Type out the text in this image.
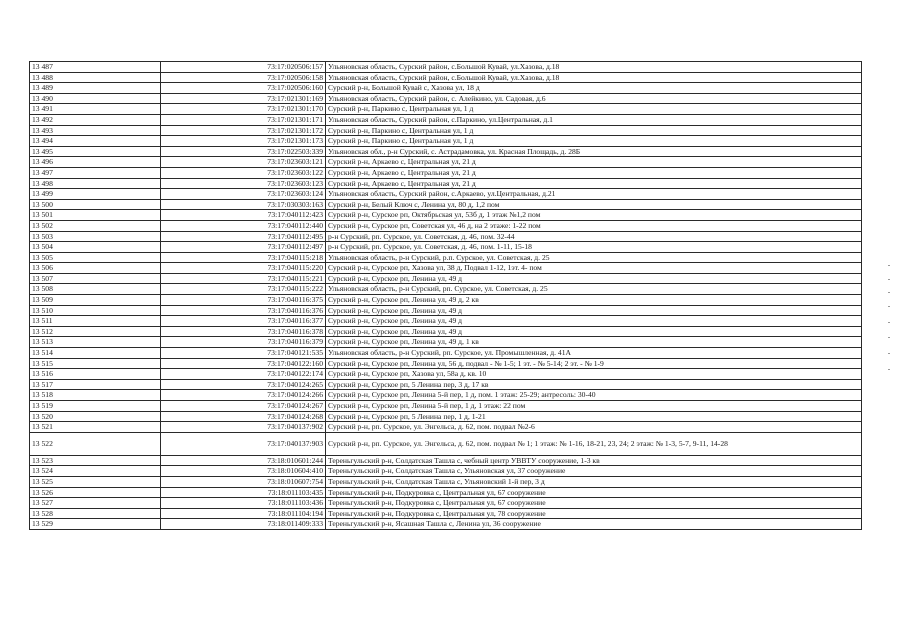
13 487	73:17:020506:157	Ульяновская область, Сурский район, с.Большой Кувай, ул.Хазова, д.18
13 488	73:17:020506:158	Ульяновская область, Сурский район, с.Большой Кувай, ул.Хазова, д.18
13 489	73:17:020506:160	Сурский р-н, Большой Кувай с, Хазова ул, 18 д
13 490	73:17:021301:169	Ульяновская область, Сурский район, с. Алейкино, ул. Садовая, д.6
13 491	73:17:021301:170	Сурский р-н, Паркино с, Центральная ул, 1 д
13 492	73:17:021301:171	Ульяновская область, Сурский район, с.Паркино, ул.Центральная, д.1
13 493	73:17:021301:172	Сурский р-н, Паркино с, Центральная ул, 1 д
13 494	73:17:021301:173	Сурский р-н, Паркино с, Центральная ул, 1 д
13 495	73:17:022503:339	Ульяновская обл., р-н Сурский, с. Астрадамовка, ул. Красная Площадь, д. 28Б
13 496	73:17:023603:121	Сурский р-н, Аркаево с, Центральная ул, 21 д
13 497	73:17:023603:122	Сурский р-н, Аркаево с, Центральная ул, 21 д
13 498	73:17:023603:123	Сурский р-н, Аркаево с, Центральная ул, 21 д
13 499	73:17:023603:124	Ульяновская область, Сурский район, с.Аркаево, ул.Центральная, д.21
13 500	73:17:030303:163	Сурский р-н, Белый Ключ с, Ленина ул, 80 д, 1,2 пом
13 501	73:17:040112:423	Сурский р-н, Сурское рп, Октябрьская ул, 53б д, 1 этаж №1,2 пом
13 502	73:17:040112:440	Сурский р-н, Сурское рп, Советская ул, 46 д, на 2 этаже: 1-22 пом
13 503	73:17:040112:495	р-н Сурский, рп. Сурское, ул. Советская, д. 46, пом. 32-44
13 504	73:17:040112:497	р-н Сурский, рп. Сурское, ул. Советская, д. 46, пом. 1-11, 15-18
13 505	73:17:040115:218	Ульяновская область, р-н Сурский, р.п. Сурское, ул. Советская, д. 25
13 506	73:17:040115:220	Сурский р-н, Сурское рп, Хазова ул, 38 д, Подвал 1-12, 1эт. 4- пом
13 507	73:17:040115:221	Сурский р-н, Сурское рп, Ленина ул, 49 д
13 508	73:17:040115:222	Ульяновская область, р-н Сурский, рп. Сурское, ул. Советская, д. 25
13 509	73:17:040116:375	Сурский р-н, Сурское рп, Ленина ул, 49 д, 2 кв
13 510	73:17:040116:376	Сурский р-н, Сурское рп, Ленина ул, 49 д
13 511	73:17:040116:377	Сурский р-н, Сурское рп, Ленина ул, 49 д
13 512	73:17:040116:378	Сурский р-н, Сурское рп, Ленина ул, 49 д
13 513	73:17:040116:379	Сурский р-н, Сурское рп, Ленина ул, 49 д, 1 кв
13 514	73:17:040121:535	Ульяновская область, р-н Сурский, рп. Сурское, ул. Промышленная, д. 41А
13 515	73:17:040122:160	Сурский р-н, Сурское рп, Ленина ул, 56 д, подвал - № 1-5; 1 эт. - № 5-14; 2 эт. - № 1-9
13 516	73:17:040122:174	Сурский р-н, Сурское рп, Хазова ул, 58а д, кв. 10
13 517	73:17:040124:265	Сурский р-н, Сурское рп, 5 Ленина пер, 3 д, 17 кв
13 518	73:17:040124:266	Сурский р-н, Сурское рп, Ленина 5-й пер, 1 д, пом. 1 этаж: 25-29; антресоль: 30-40
13 519	73:17:040124:267	Сурский р-н, Сурское рп, Ленина 5-й пер, 1 д, 1 этаж: 22 пом
13 520	73:17:040124:268	Сурский р-н, Сурское рп, 5 Ленина пер, 1 д, 1-21
13 521	73:17:040137:902	Сурский р-н, рп. Сурское, ул. Энгельса, д. 62, пом. подвал №2-6
13 522	73:17:040137:903	Сурский р-н, рп. Сурское, ул. Энгельса, д. 62, пом. подвал № 1; 1 этаж: № 1-16, 18-21, 23, 24; 2 этаж: № 1-3, 5-7, 9-11, 14-28
13 523	73:18:010601:244	Тереньгульский р-н, Солдатская Ташла с, чебный центр УВВТУ сооружение, 1-3 кв
13 524	73:18:010604:410	Тереньгульский р-н, Солдатская Ташла с, Ульяновская ул, 37 сооружение
13 525	73:18:010607:754	Тереньгульский р-н, Солдатская Ташла с, Ульяновский 1-й пер, 3 д
13 526	73:18:011103:435	Тереньгульский р-н, Подкуровка с, Центральная ул, 67 сооружение
13 527	73:18:011103:436	Тереньгульский р-н, Подкуровка с, Центральная ул, 67 сооружение
13 528	73:18:011104:194	Тереньгульский р-н, Подкуровка с, Центральная ул, 78 сооружение
13 529	73:18:011409:333	Тереньгульский р-н, Ясашная Ташла с, Ленина ул, 36 сооружение
